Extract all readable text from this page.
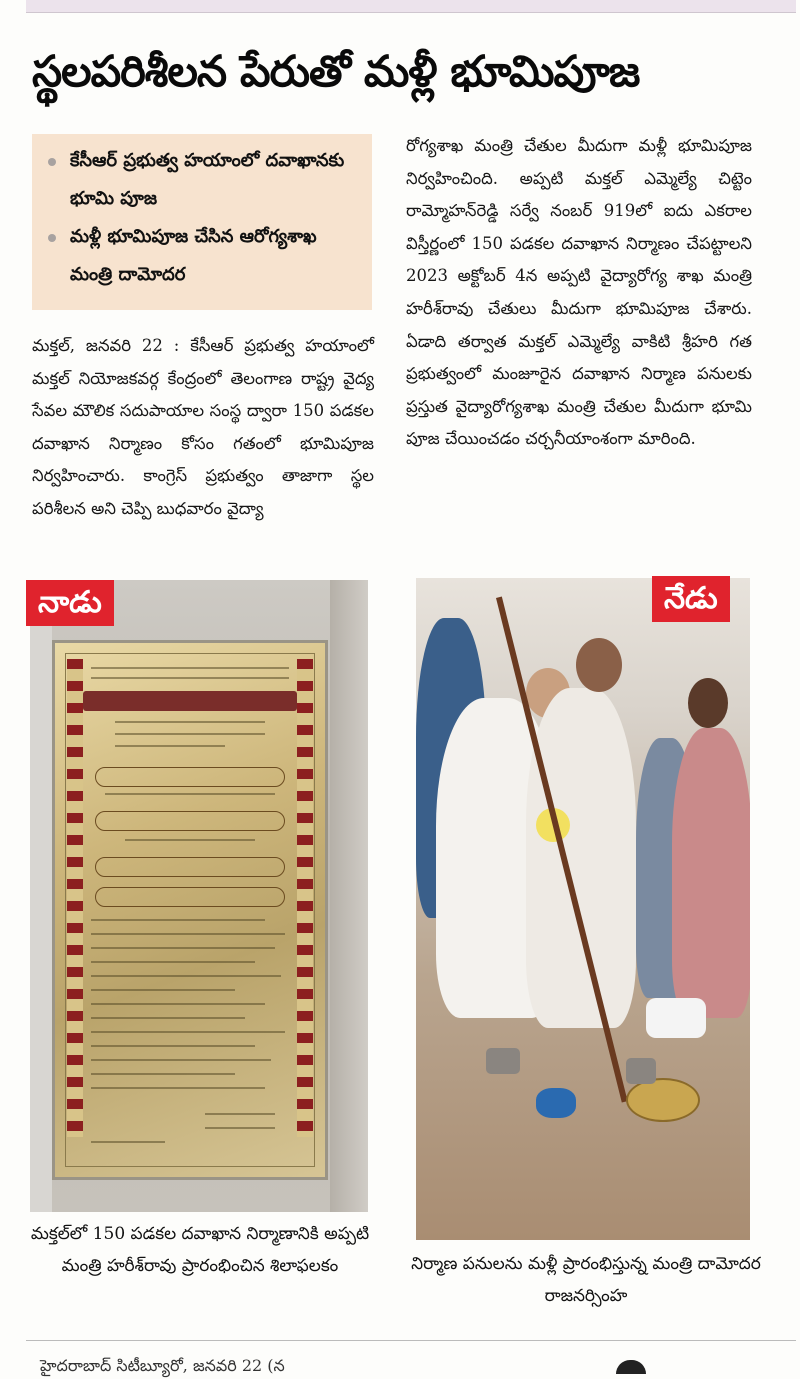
స్థలపరిశీలన పేరుతో మళ్లీ భూమిపూజ
కేసీఆర్ ప్రభుత్వ హయాంలో దవాఖానకు భూమి పూజ
మళ్లీ భూమిపూజ చేసిన ఆరోగ్యశాఖ మంత్రి దామోదర

మక్తల్, జనవరి 22 : కేసీఆర్ ప్రభుత్వ హయాంలో మక్తల్ నియోజకవర్గ కేంద్రంలో తెలంగాణ రాష్ట్ర వైద్య సేవల మౌలిక సదుపాయాల సంస్థ ద్వారా 150 పడకల దవాఖాన నిర్మాణం కోసం గతంలో భూమిపూజ నిర్వహించారు. కాంగ్రెస్ ప్రభుత్వం తాజాగా స్థల పరిశీలన అని చెప్పి బుధవారం వైద్యా

రోగ్యశాఖ మంత్రి చేతుల మీదుగా మళ్లీ భూమిపూజ నిర్వహించింది. అప్పటి మక్తల్ ఎమ్మెల్యే చిట్టెం రామ్మోహన్‌రెడ్డి సర్వే నంబర్ 919లో ఐదు ఎకరాల విస్తీర్ణంలో 150 పడకల దవాఖాన నిర్మాణం చేపట్టాలని 2023 అక్టోబర్ 4న అప్పటి వైద్యారోగ్య శాఖ మంత్రి హరీశ్‌రావు చేతులు మీదుగా భూమిపూజ చేశారు. ఏడాది తర్వాత మక్తల్ ఎమ్మెల్యే వాకిటి శ్రీహరి గత ప్రభుత్వంలో మంజూరైన దవాఖాన నిర్మాణ పనులకు ప్రస్తుత వైద్యారోగ్యశాఖ మంత్రి చేతుల మీదుగా భూమి పూజ చేయించడం చర్చనీయాంశంగా మారింది.

నాడు	నేడు
మక్తల్‌లో 150 పడకల దవాఖాన నిర్మాణానికి అప్పటి మంత్రి హరీశ్‌రావు ప్రారంభించిన శిలాఫలకం	నిర్మాణ పనులను మళ్లీ ప్రారంభిస్తున్న మంత్రి దామోదర రాజనర్సింహ
హైదరాబాద్ సిటీబ్యూరో, జనవరి 22 (న
